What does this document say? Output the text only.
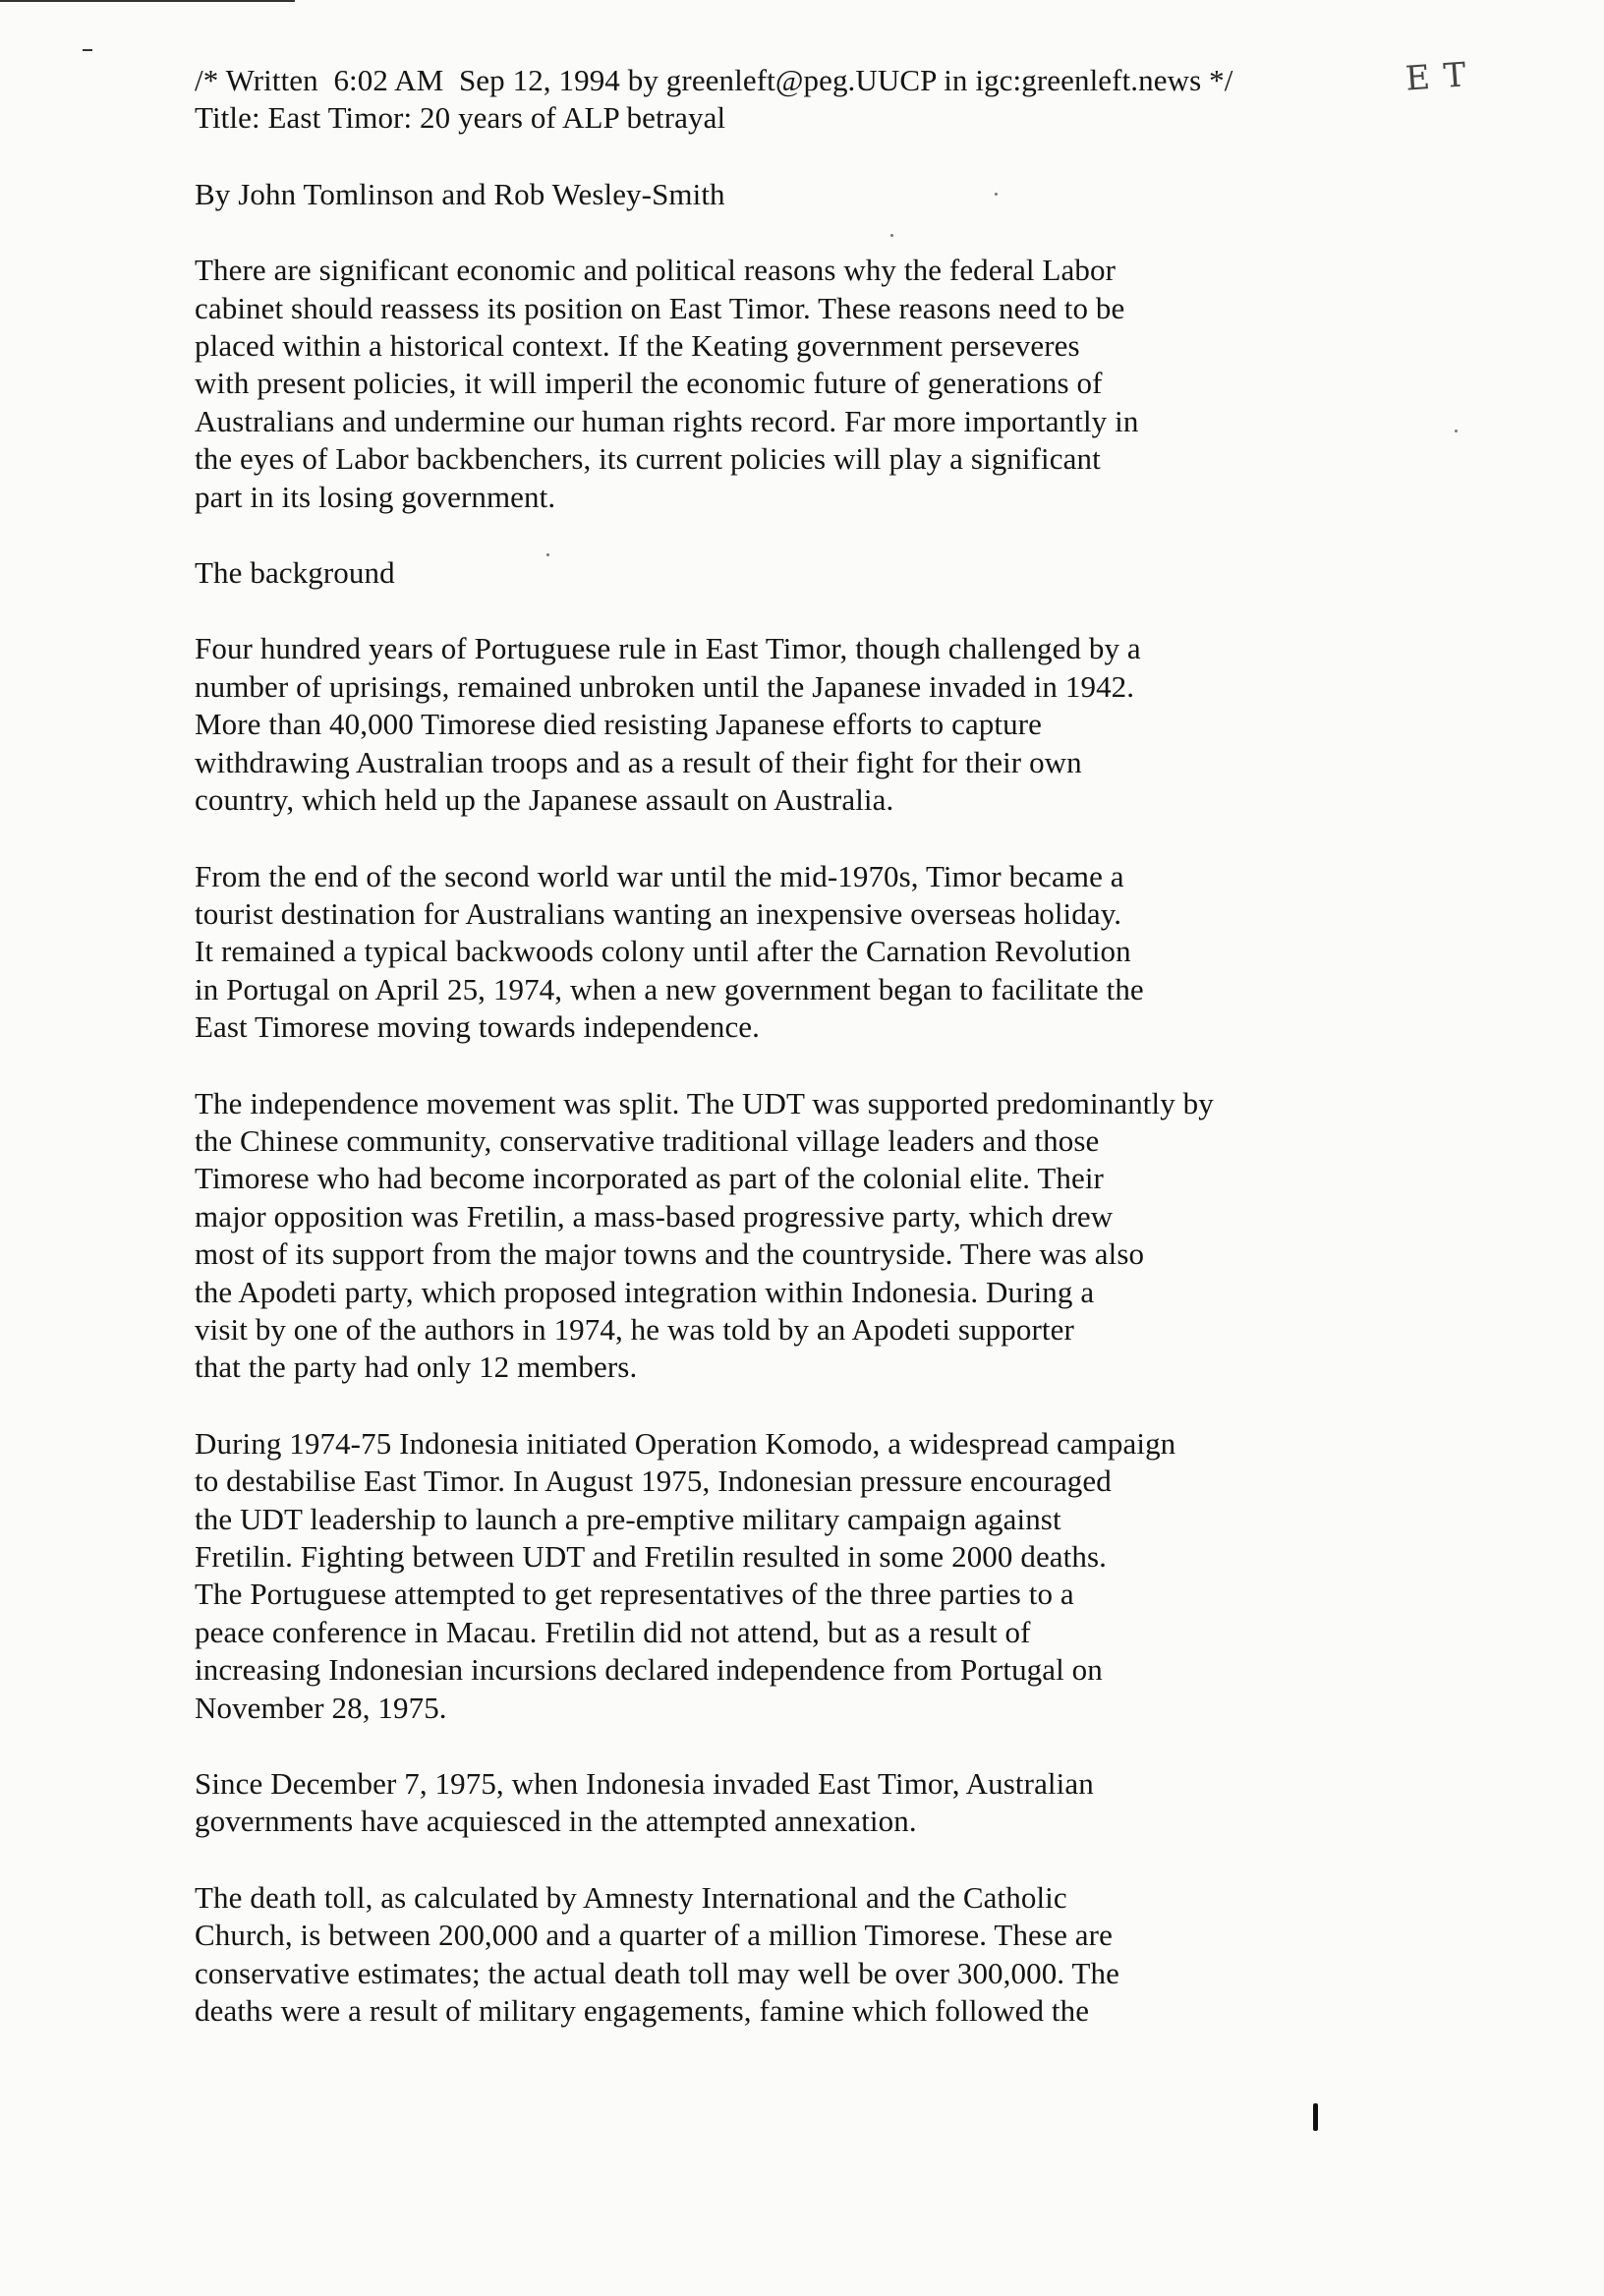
ET
/* Written  6:02 AM  Sep 12, 1994 by greenleft@peg.UUCP in igc:greenleft.news */
Title: East Timor: 20 years of ALP betrayal
By John Tomlinson and Rob Wesley-Smith
There are significant economic and political reasons why the federal Labor
cabinet should reassess its position on East Timor. These reasons need to be
placed within a historical context. If the Keating government perseveres
with present policies, it will imperil the economic future of generations of
Australians and undermine our human rights record. Far more importantly in
the eyes of Labor backbenchers, its current policies will play a significant
part in its losing government.
The background
Four hundred years of Portuguese rule in East Timor, though challenged by a
number of uprisings, remained unbroken until the Japanese invaded in 1942.
More than 40,000 Timorese died resisting Japanese efforts to capture
withdrawing Australian troops and as a result of their fight for their own
country, which held up the Japanese assault on Australia.
From the end of the second world war until the mid-1970s, Timor became a
tourist destination for Australians wanting an inexpensive overseas holiday.
It remained a typical backwoods colony until after the Carnation Revolution
in Portugal on April 25, 1974, when a new government began to facilitate the
East Timorese moving towards independence.
The independence movement was split. The UDT was supported predominantly by
the Chinese community, conservative traditional village leaders and those
Timorese who had become incorporated as part of the colonial elite. Their
major opposition was Fretilin, a mass-based progressive party, which drew
most of its support from the major towns and the countryside. There was also
the Apodeti party, which proposed integration within Indonesia. During a
visit by one of the authors in 1974, he was told by an Apodeti supporter
that the party had only 12 members.
During 1974-75 Indonesia initiated Operation Komodo, a widespread campaign
to destabilise East Timor. In August 1975, Indonesian pressure encouraged
the UDT leadership to launch a pre-emptive military campaign against
Fretilin. Fighting between UDT and Fretilin resulted in some 2000 deaths.
The Portuguese attempted to get representatives of the three parties to a
peace conference in Macau. Fretilin did not attend, but as a result of
increasing Indonesian incursions declared independence from Portugal on
November 28, 1975.
Since December 7, 1975, when Indonesia invaded East Timor, Australian
governments have acquiesced in the attempted annexation.
The death toll, as calculated by Amnesty International and the Catholic
Church, is between 200,000 and a quarter of a million Timorese. These are
conservative estimates; the actual death toll may well be over 300,000. The
deaths were a result of military engagements, famine which followed the
